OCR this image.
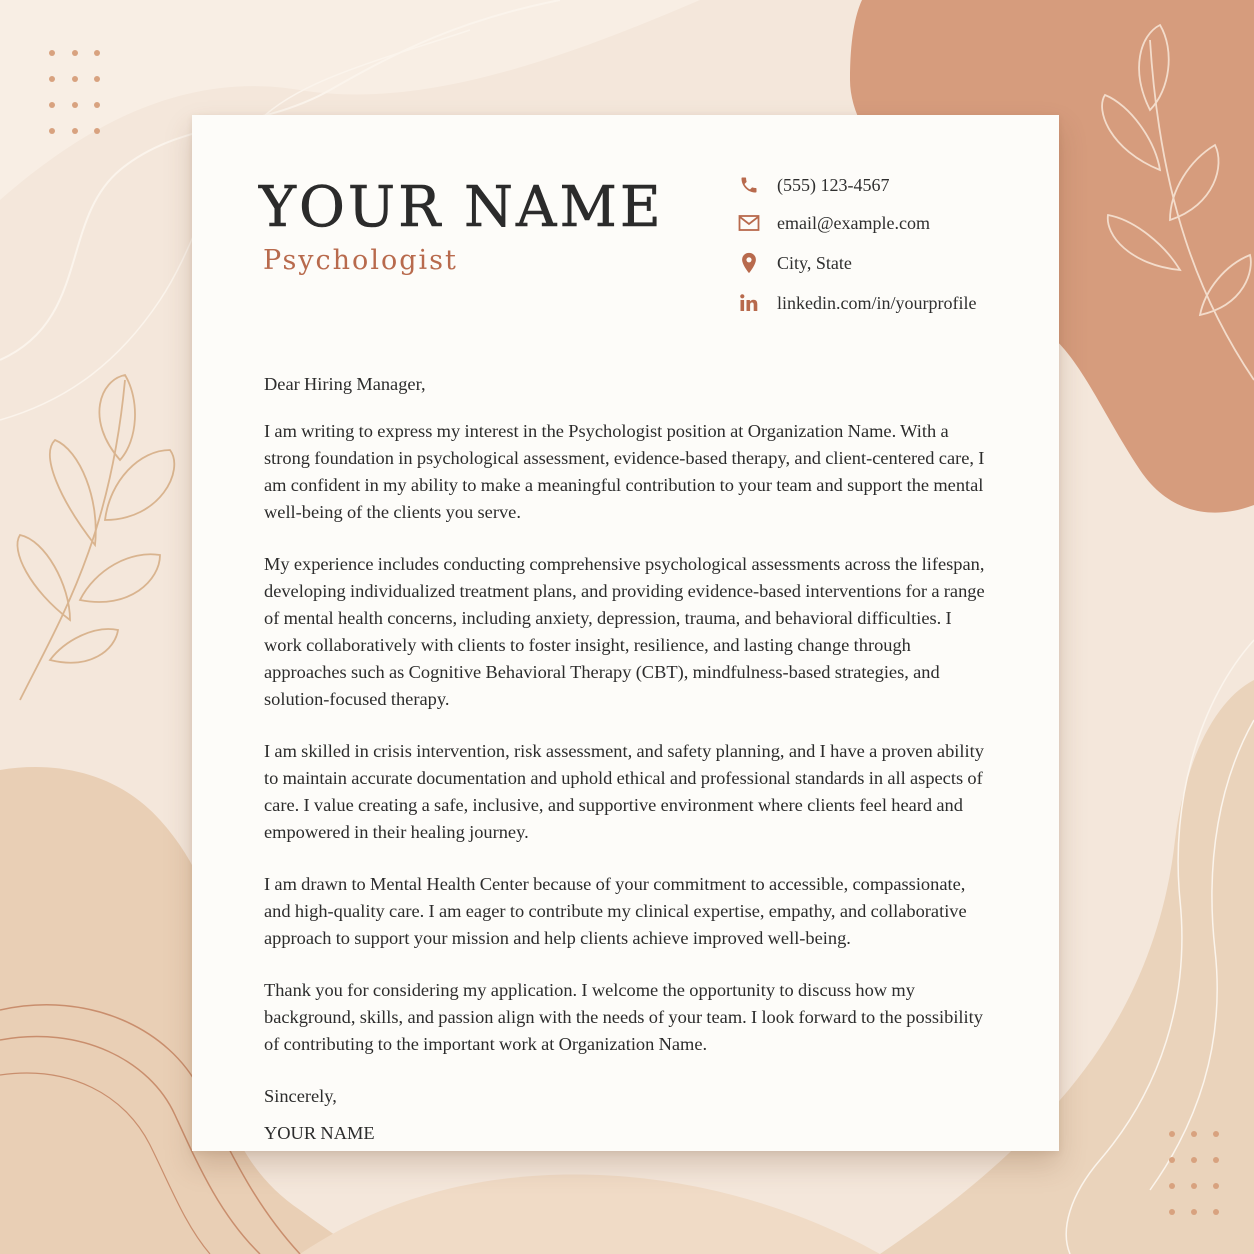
YOUR NAME
Psychologist
(555) 123-4567
email@example.com
City, State
linkedin.com/in/yourprofile

Dear Hiring Manager,

I am writing to express my interest in the Psychologist position at Organization Name. With a strong foundation in psychological assessment, evidence-based therapy, and client-centered care, I am confident in my ability to make a meaningful contribution to your team and support the mental well-being of the clients you serve.

My experience includes conducting comprehensive psychological assessments across the lifespan, developing individualized treatment plans, and providing evidence-based interventions for a range of mental health concerns, including anxiety, depression, trauma, and behavioral difficulties. I work collaboratively with clients to foster insight, resilience, and lasting change through approaches such as Cognitive Behavioral Therapy (CBT), mindfulness-based strategies, and solution-focused therapy.

I am skilled in crisis intervention, risk assessment, and safety planning, and I have a proven ability to maintain accurate documentation and uphold ethical and professional standards in all aspects of care. I value creating a safe, inclusive, and supportive environment where clients feel heard and empowered in their healing journey.

I am drawn to Mental Health Center because of your commitment to accessible, compassionate, and high-quality care. I am eager to contribute my clinical expertise, empathy, and collaborative approach to support your mission and help clients achieve improved well-being.

Thank you for considering my application. I welcome the opportunity to discuss how my background, skills, and passion align with the needs of your team. I look forward to the possibility of contributing to the important work at Organization Name.

Sincerely,

YOUR NAME
